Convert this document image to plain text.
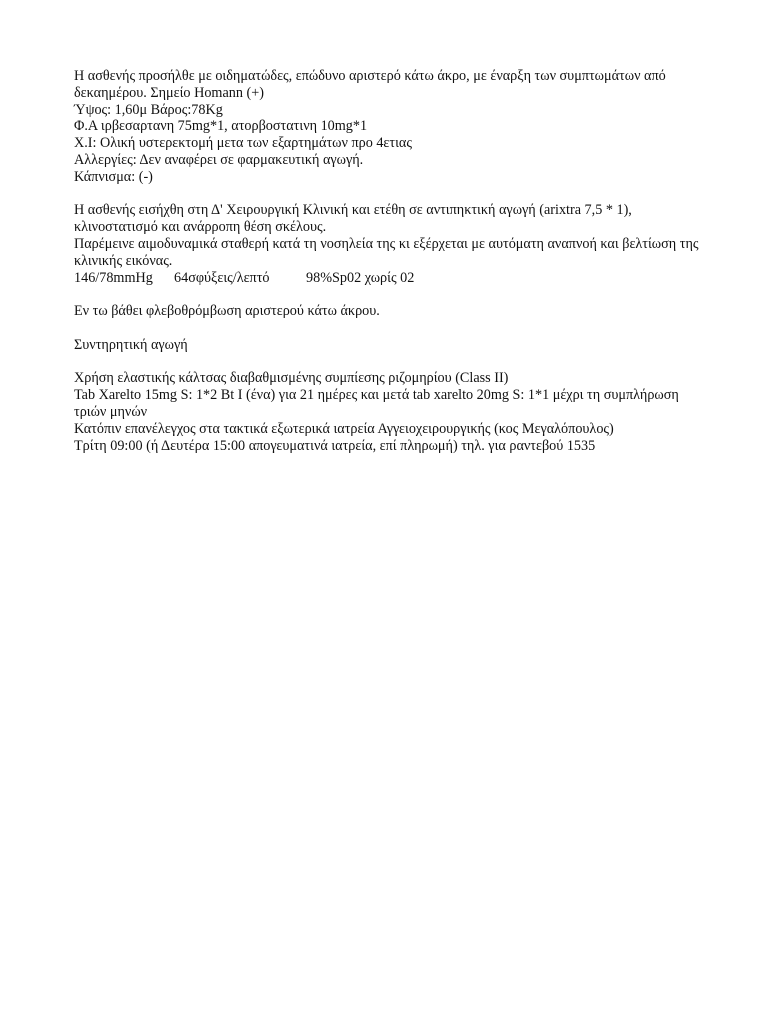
Η ασθενής προσήλθε με οιδηματώδες, επώδυνο αριστερό κάτω άκρο, με έναρξη των συμπτωμάτων από δεκαημέρου. Σημείο Homann (+)
Ύψος: 1,60μ Βάρος:78Kg
Φ.Α ιρβεσαρτανη 75mg*1, ατορβοστατινη 10mg*1
Χ.Ι: Ολική υστερεκτομή μετα των εξαρτημάτων προ 4ετιας
Αλλεργίες: Δεν αναφέρει σε φαρμακευτική αγωγή.
Κάπνισμα: (-)
Η ασθενής εισήχθη στη Δ' Χειρουργική Κλινική και ετέθη σε αντιπηκτική αγωγή (arixtra 7,5 * 1), κλινοστατισμό και ανάρροπη θέση σκέλους.
Παρέμεινε αιμοδυναμικά σταθερή κατά τη νοσηλεία της κι εξέρχεται με αυτόματη αναπνοή και βελτίωση της κλινικής εικόνας.
146/78mmHg 64σφύξεις/λεπτό	98%Sp02 χωρίς 02
Εν τω βάθει φλεβοθρόμβωση αριστερού κάτω άκρου.
Συντηρητική αγωγή
Χρήση ελαστικής κάλτσας διαβαθμισμένης συμπίεσης ριζομηρίου (Class II)
Tab Xarelto 15mg S: 1*2 Bt I (ένα) για 21 ημέρες και μετά tab xarelto 20mg S: 1*1 μέχρι τη συμπλήρωση τριών μηνών
Κατόπιν επανέλεγχος στα τακτικά εξωτερικά ιατρεία Αγγειοχειρουργικής (κος Μεγαλόπουλος)
Τρίτη 09:00 (ή Δευτέρα 15:00 απογευματινά ιατρεία, επί πληρωμή) τηλ. για ραντεβού 1535
